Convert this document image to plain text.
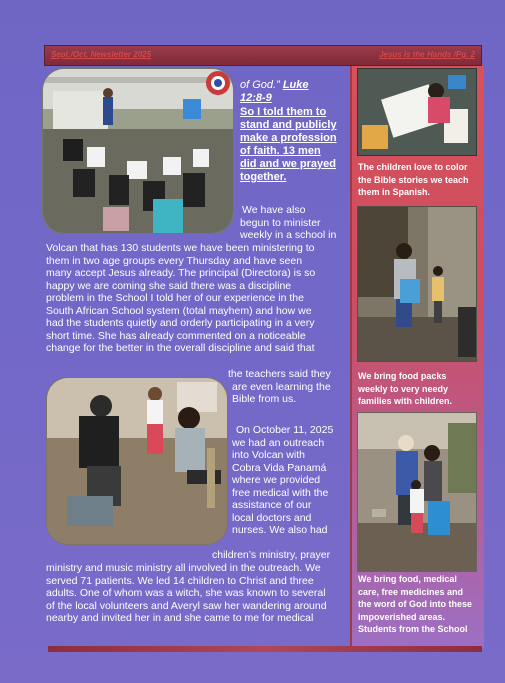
Sept./Oct. Newsletter 2025	Jesus Is the Hands /Pg. 2
of God.” Luke
12:8-9
So I told them to
stand and publicly
make a profession
of faith. 13 men
did and we prayed
together.
We have also
begun to minister
weekly in a school in
Volcan that has 130 students we have been ministering to
them in two age groups every Thursday and have seen
many accept Jesus already. The principal (Directora) is so
happy we are coming she said there was a discipline
problem in the School I told her of our experience in the
South African School system (total mayhem) and how we
had the students quietly and orderly participating in a very
short time. She has already commented on a noticeable
change for the better in the overall discipline and said that
the teachers said they
are even learning the
Bible from us.
On October 11, 2025
we had an outreach
into Volcan with
Cobra Vida Panamá
where we provided
free medical with the
assistance of our
local doctors and
nurses. We also had
children’s ministry, prayer
ministry and music ministry all involved in the outreach. We
served 71 patients. We led 14 children to Christ and three
adults. One of whom was a witch, she was known to several
of the local volunteers and Averyl saw her wandering around
nearby and invited her in and she came to me for medical
The children love to color
the Bible stories we teach
them in Spanish.
We bring food packs
weekly to very needy
families with children.
We bring food, medical
care, free medicines and
the word of God into these
impoverished areas.
Students from the School
